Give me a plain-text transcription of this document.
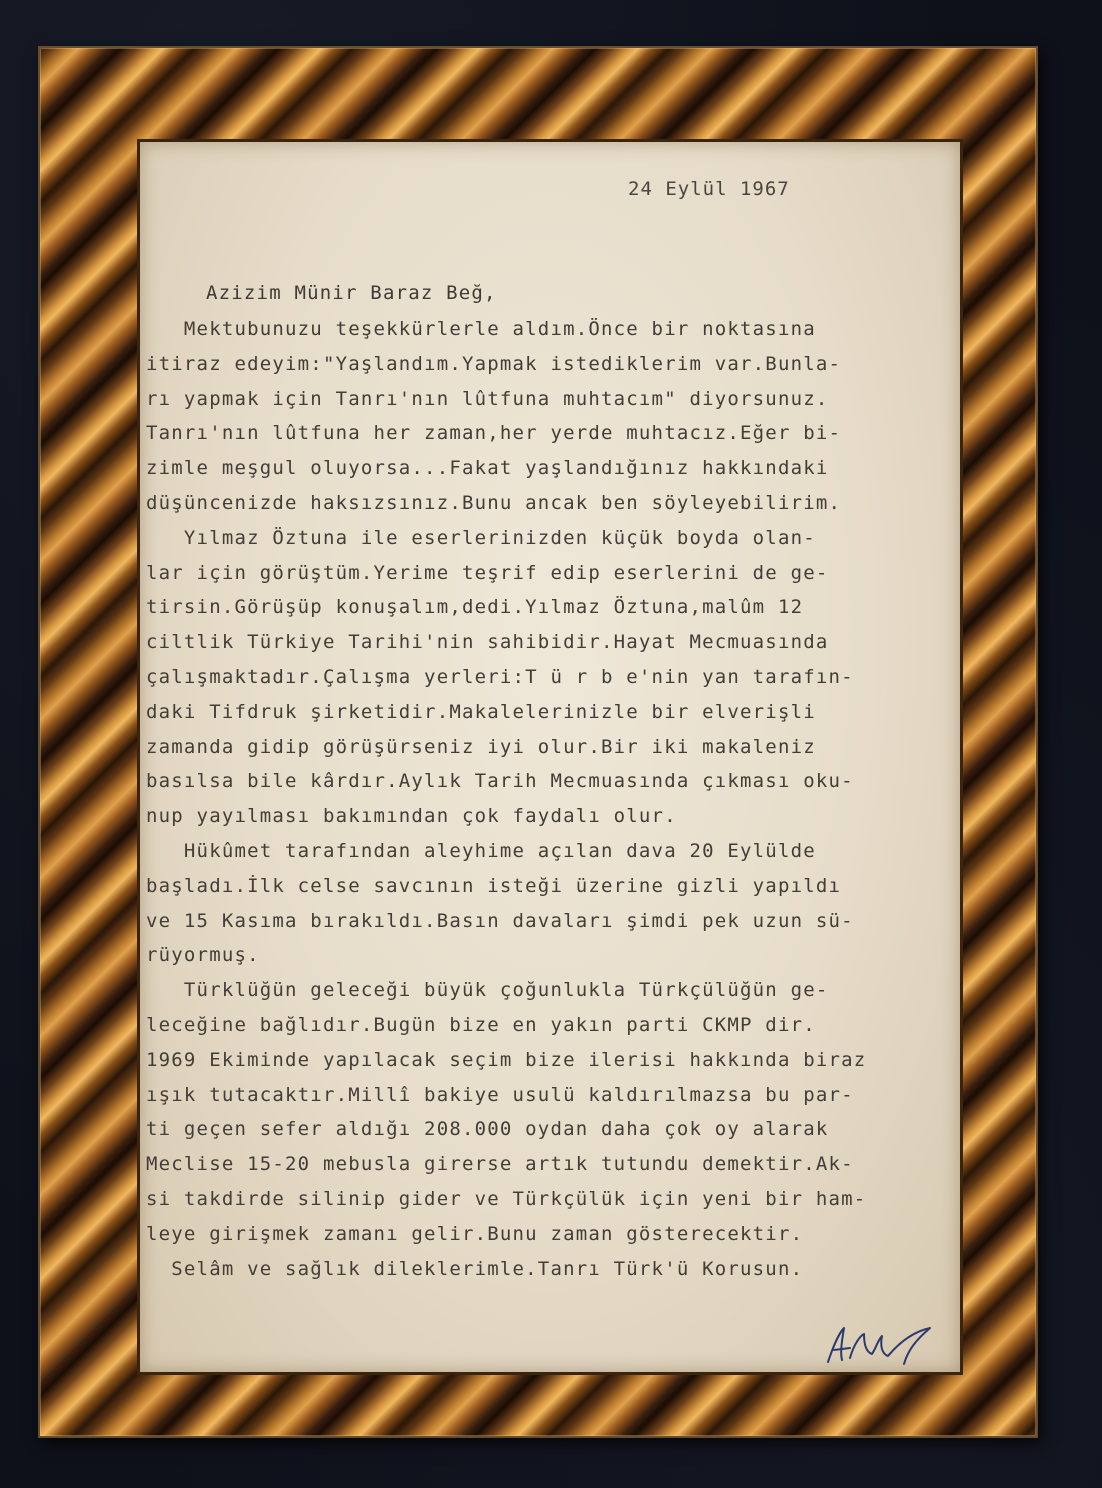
24 Eylül 1967
Azizim Münir Baraz Beğ,
Mektubunuzu teşekkürlerle aldım.Önce bir noktasına
itiraz edeyim:"Yaşlandım.Yapmak istediklerim var.Bunla-
rı yapmak için Tanrı'nın lûtfuna muhtacım" diyorsunuz.
Tanrı'nın lûtfuna her zaman,her yerde muhtacız.Eğer bi-
zimle meşgul oluyorsa...Fakat yaşlandığınız hakkındaki
düşüncenizde haksızsınız.Bunu ancak ben söyleyebilirim.
Yılmaz Öztuna ile eserlerinizden küçük boyda olan-
lar için görüştüm.Yerime teşrif edip eserlerini de ge-
tirsin.Görüşüp konuşalım,dedi.Yılmaz Öztuna,malûm 12
ciltlik Türkiye Tarihi'nin sahibidir.Hayat Mecmuasında
çalışmaktadır.Çalışma yerleri:T ü r b e'nin yan tarafın-
daki Tifdruk şirketidir.Makalelerinizle bir elverişli
zamanda gidip görüşürseniz iyi olur.Bir iki makaleniz
basılsa bile kârdır.Aylık Tarih Mecmuasında çıkması oku-
nup yayılması bakımından çok faydalı olur.
Hükûmet tarafından aleyhime açılan dava 20 Eylülde
başladı.İlk celse savcının isteği üzerine gizli yapıldı
ve 15 Kasıma bırakıldı.Basın davaları şimdi pek uzun sü-
rüyormuş.
Türklüğün geleceği büyük çoğunlukla Türkçülüğün ge-
leceğine bağlıdır.Bugün bize en yakın parti CKMP dir.
1969 Ekiminde yapılacak seçim bize ilerisi hakkında biraz
ışık tutacaktır.Millî bakiye usulü kaldırılmazsa bu par-
ti geçen sefer aldığı 208.000 oydan daha çok oy alarak
Meclise 15-20 mebusla girerse artık tutundu demektir.Ak-
si takdirde silinip gider ve Türkçülük için yeni bir ham-
leye girişmek zamanı gelir.Bunu zaman gösterecektir.
Selâm ve sağlık dileklerimle.Tanrı Türk'ü Korusun.
